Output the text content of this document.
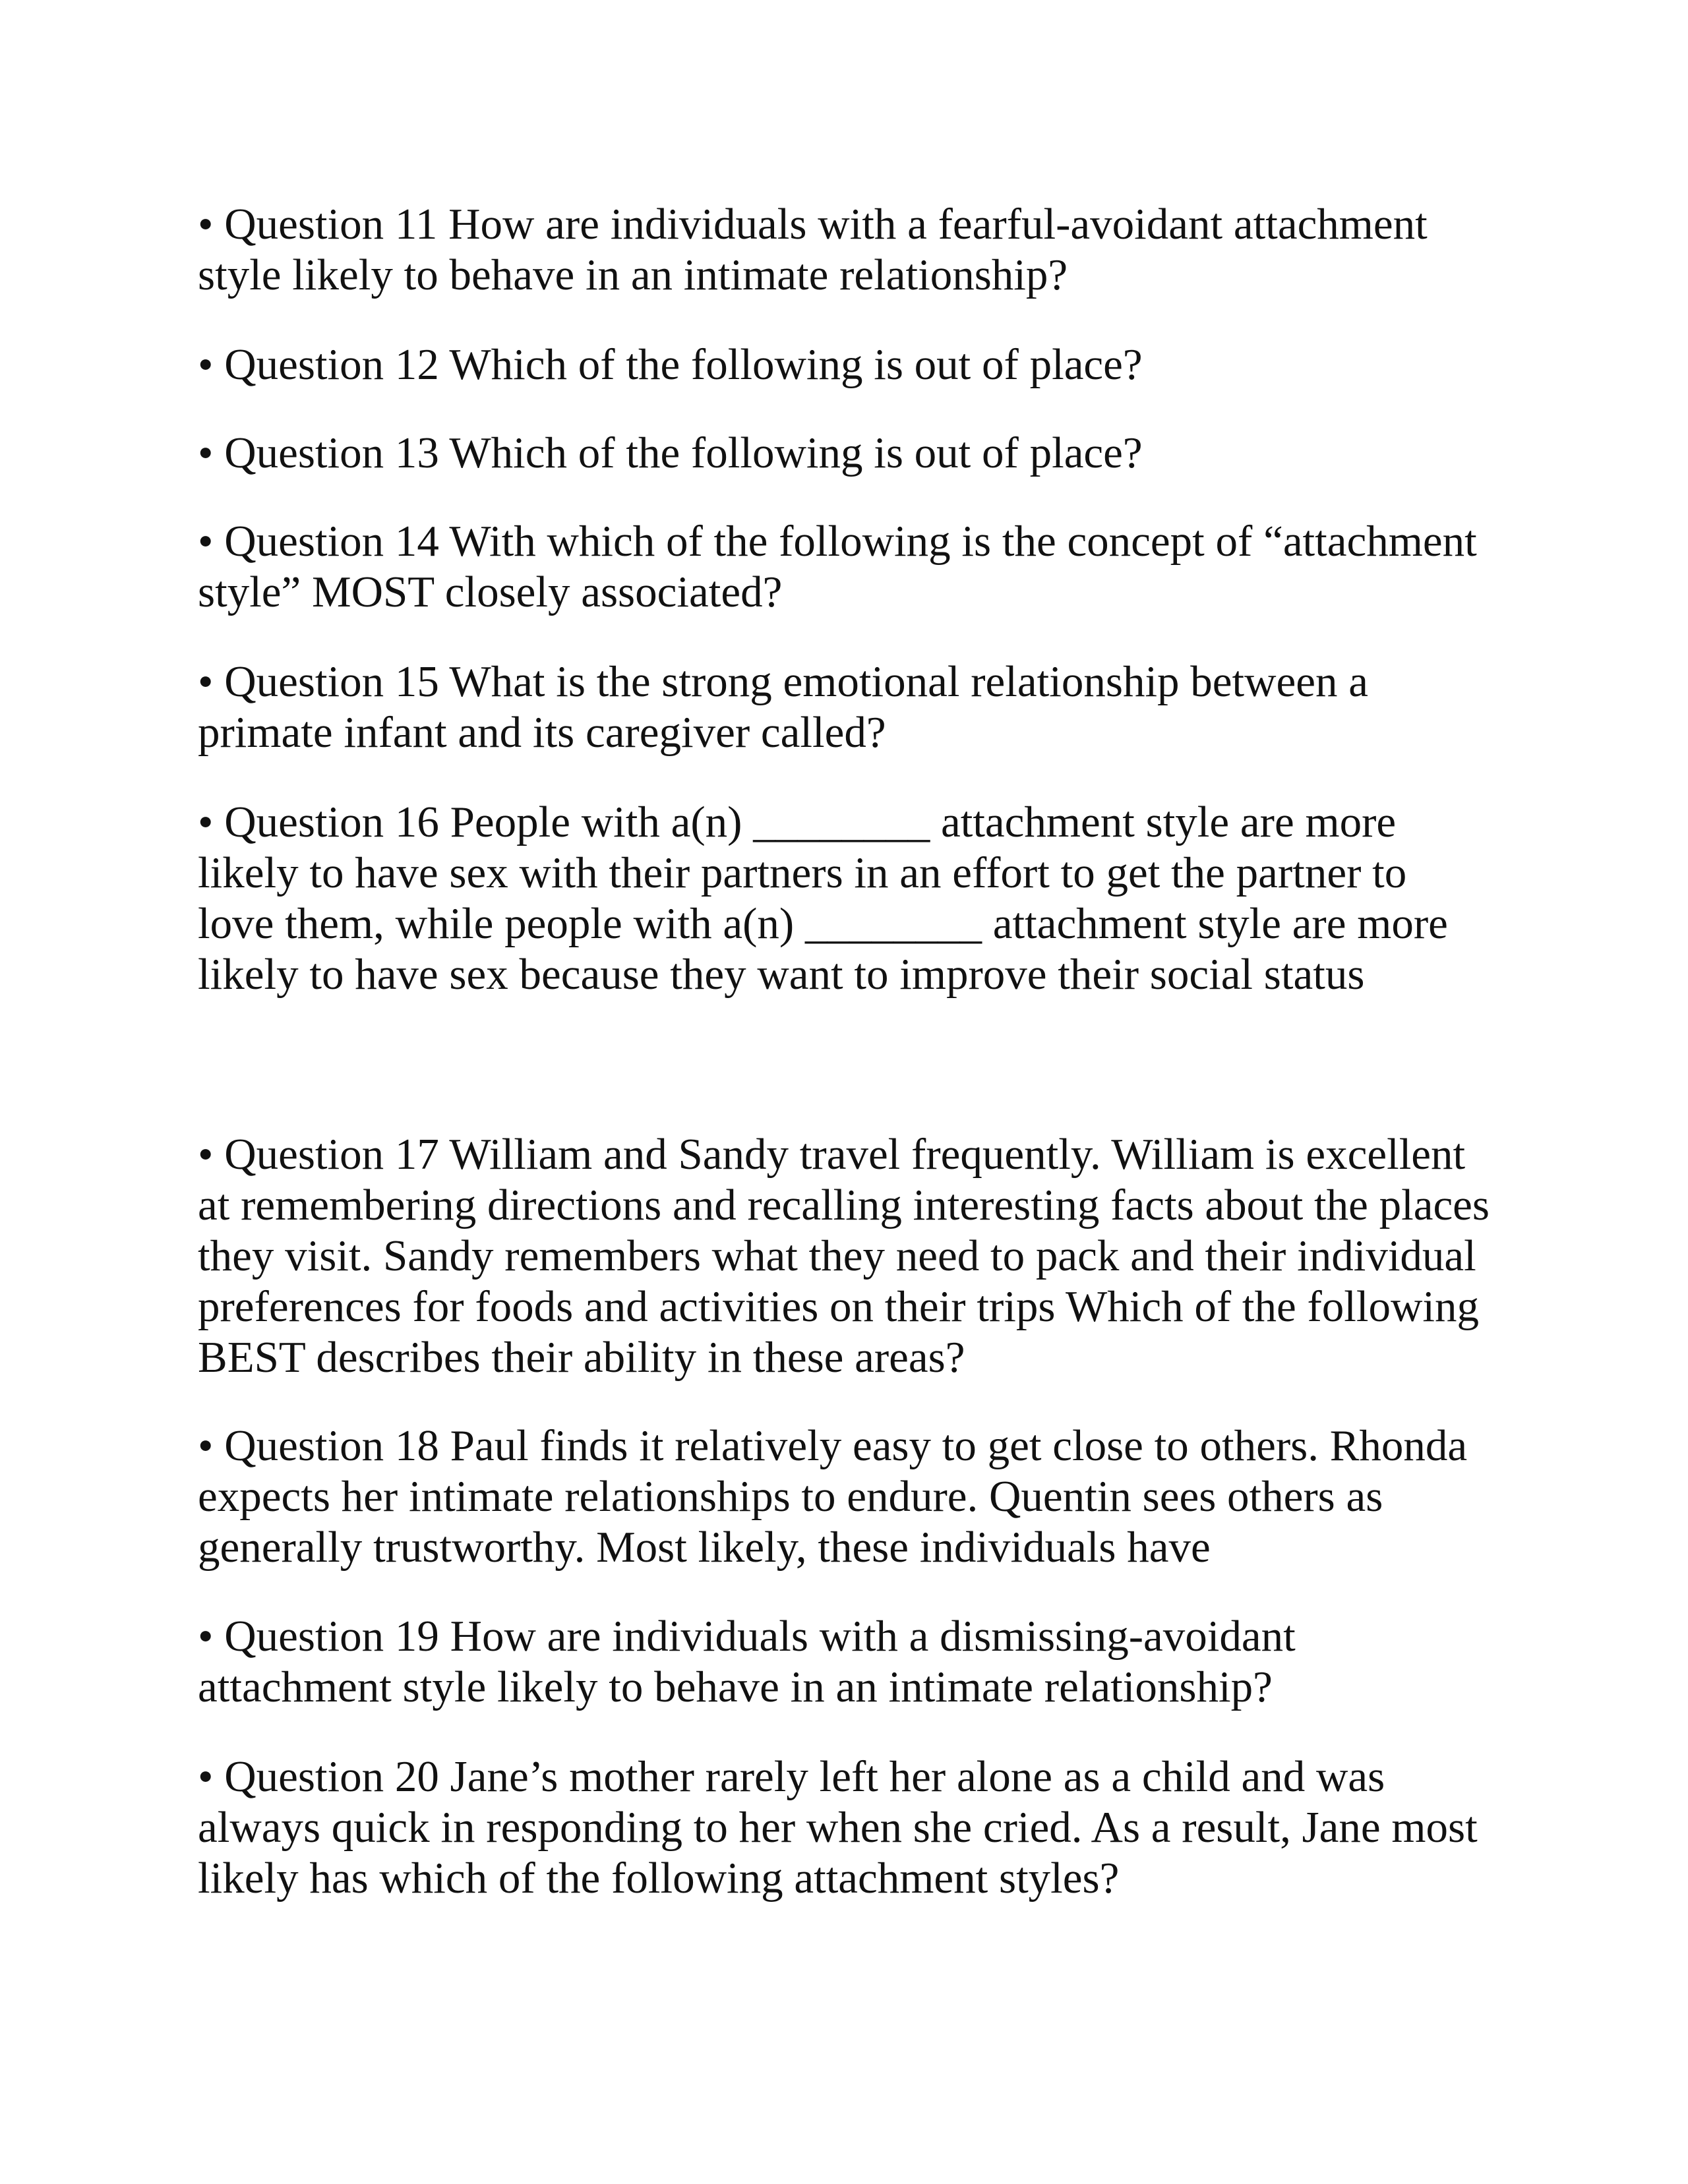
• Question 11 How are individuals with a fearful-avoidant attachment
style likely to behave in an intimate relationship?

• Question 12 Which of the following is out of place?

• Question 13 Which of the following is out of place?

• Question 14 With which of the following is the concept of “attachment
style” MOST closely associated?

• Question 15 What is the strong emotional relationship between a
primate infant and its caregiver called?

• Question 16 People with a(n) ________ attachment style are more
likely to have sex with their partners in an effort to get the partner to
love them, while people with a(n) ________ attachment style are more
likely to have sex because they want to improve their social status

• Question 17 William and Sandy travel frequently. William is excellent
at remembering directions and recalling interesting facts about the places
they visit. Sandy remembers what they need to pack and their individual
preferences for foods and activities on their trips Which of the following
BEST describes their ability in these areas?

• Question 18 Paul finds it relatively easy to get close to others. Rhonda
expects her intimate relationships to endure. Quentin sees others as
generally trustworthy. Most likely, these individuals have

• Question 19 How are individuals with a dismissing-avoidant
attachment style likely to behave in an intimate relationship?

• Question 20 Jane’s mother rarely left her alone as a child and was
always quick in responding to her when she cried. As a result, Jane most
likely has which of the following attachment styles?
